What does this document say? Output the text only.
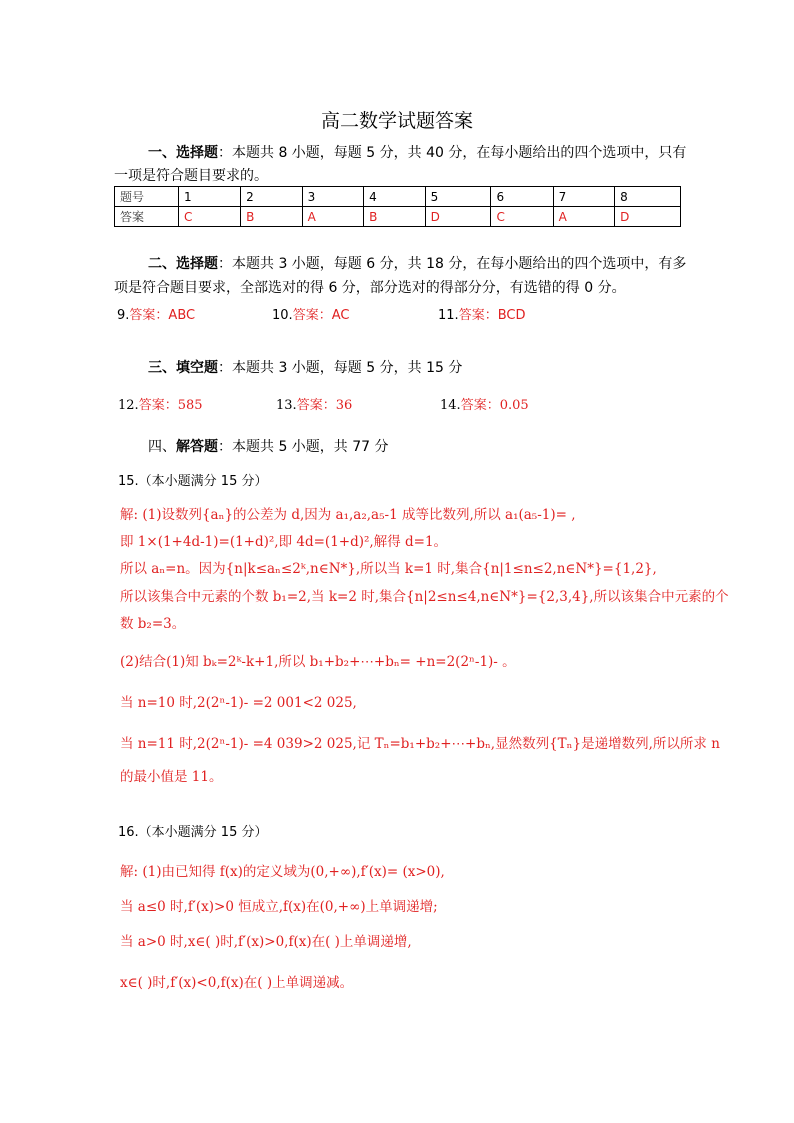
高二数学试题答案
一、选择题：本题共 8 小题，每题 5 分，共 40 分，在每小题给出的四个选项中，只有
一项是符合题目要求的。
题号	1	2	3	4	5	6	7	8
答案	C	B	A	B	D	C	A	D
二、选择题：本题共 3 小题，每题 6 分，共 18 分，在每小题给出的四个选项中，有多
项是符合题目要求，全部选对的得 6 分，部分选对的得部分分，有选错的得 0 分。
9.答案：ABC	10.答案：AC	11.答案：BCD
三、填空题：本题共 3 小题，每题 5 分，共 15 分
12.答案：585	13.答案：36	14.答案：0.05
四、解答题：本题共 5 小题，共 77 分
15.（本小题满分 15 分）
解: (1)设数列{aₙ}的公差为 d,因为 a₁,a₂,a₅-1 成等比数列,所以 a₁(a₅-1)= ,
即 1×(1+4d-1)=(1+d)²,即 4d=(1+d)²,解得 d=1。
所以 aₙ=n。因为{n|k≤aₙ≤2ᵏ,n∈N*},所以当 k=1 时,集合{n|1≤n≤2,n∈N*}={1,2},
所以该集合中元素的个数 b₁=2,当 k=2 时,集合{n|2≤n≤4,n∈N*}={2,3,4},所以该集合中元素的个
数 b₂=3。
(2)结合(1)知 bₖ=2ᵏ-k+1,所以 b₁+b₂+⋯+bₙ= +n=2(2ⁿ-1)- 。
当 n=10 时,2(2ⁿ-1)- =2 001<2 025,
当 n=11 时,2(2ⁿ-1)- =4 039>2 025,记 Tₙ=b₁+b₂+⋯+bₙ,显然数列{Tₙ}是递增数列,所以所求 n
的最小值是 11。
16.（本小题满分 15 分）
解: (1)由已知得 f(x)的定义域为(0,+∞),f′(x)= (x>0),
当 a≤0 时,f′(x)>0 恒成立,f(x)在(0,+∞)上单调递增;
当 a>0 时,x∈( )时,f′(x)>0,f(x)在( )上单调递增,
x∈( )时,f′(x)<0,f(x)在( )上单调递减。
